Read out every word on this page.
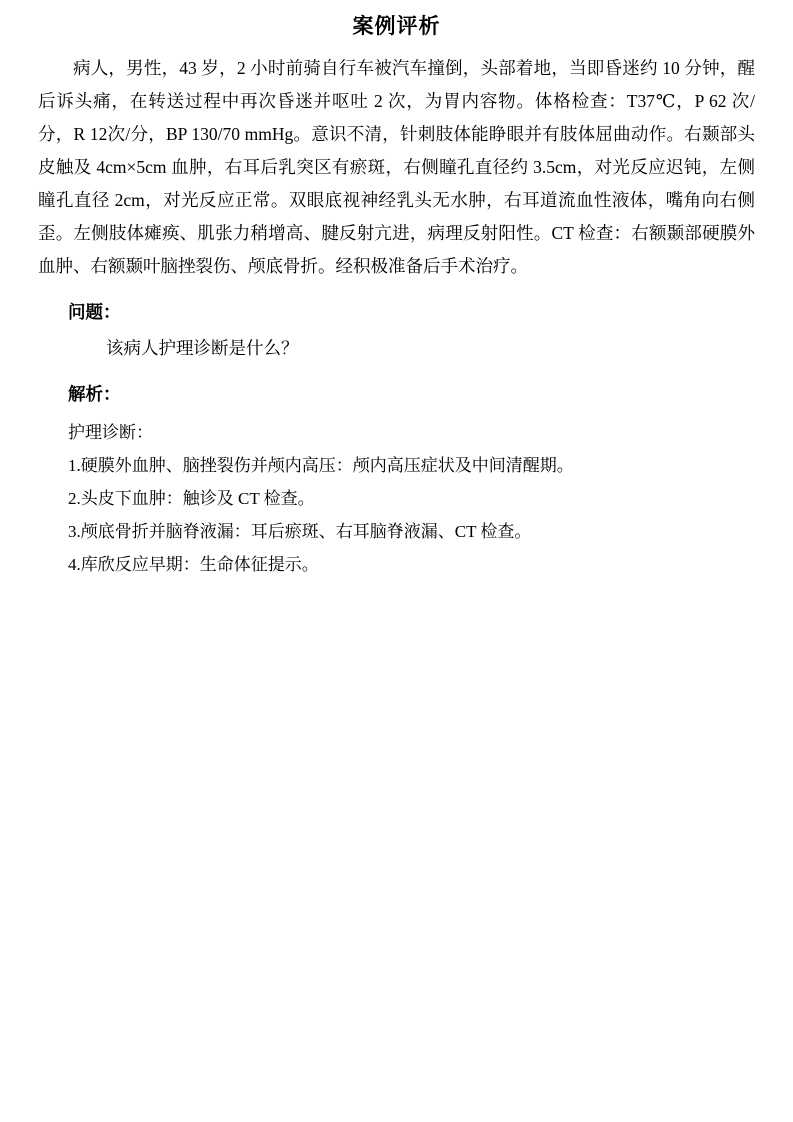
案例评析

病人，男性，43 岁，2 小时前骑自行车被汽车撞倒，头部着地，当即昏迷约 10 分钟，醒后诉头痛，在转送过程中再次昏迷并呕吐 2 次，为胃内容物。体格检查：T37℃，P 62 次/分，R 12次/分，BP 130/70 mmHg。意识不清，针刺肢体能睁眼并有肢体屈曲动作。右颞部头皮触及 4cm×5cm 血肿，右耳后乳突区有瘀斑，右侧瞳孔直径约 3.5cm，对光反应迟钝，左侧瞳孔直径 2cm，对光反应正常。双眼底视神经乳头无水肿，右耳道流血性液体，嘴角向右侧歪。左侧肢体瘫痪、肌张力稍增高、腱反射亢进，病理反射阳性。CT 检查：右额颞部硬膜外血肿、右额颞叶脑挫裂伤、颅底骨折。经积极准备后手术治疗。

问题：
该病人护理诊断是什么？
解析：
护理诊断：
1.硬膜外血肿、脑挫裂伤并颅内高压：颅内高压症状及中间清醒期。
2.头皮下血肿：触诊及 CT 检查。
3.颅底骨折并脑脊液漏：耳后瘀斑、右耳脑脊液漏、CT 检查。
4.库欣反应早期：生命体征提示。
